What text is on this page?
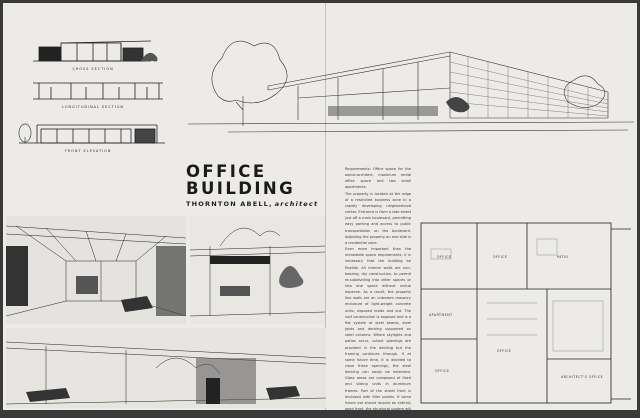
CROSS SECTION
LONGITUDINAL SECTION
FRONT ELEVATION
OFFICE
BUILDING
THORNTON ABELL, architect

Requirements: Office space for the owner-architect, maximum rental office space and two small apartments.

The property is located at the edge of a restricted business zone in a rapidly developing neighborhood center. Entrance is from a side street just off a main boulevard, permitting easy parking and access to public transportation on the boulevard. Adjoining the property on one side is a residential zone.

Even more important than the immediate space requirements, it is necessary that the building be flexible. All interior walls are non-bearing, dry construction, to permit re-subdividing into other spaces or into one space without undue expense. As a result, the property line walls are an unbroken masonry enclosure of light-weight concrete units, exposed inside and out. The roof construction is exposed and is a flat system of steel beams, steel joists and decking supported on steel columns. Where skylights and patios occur, cutout openings are provided in the decking but the framing continues through. If at some future time, it is decided to close these openings, the steel decking can easily be extended. Glass areas are composed of fixed and sliding units in aluminum frames. Part of the street front is enclosed with filler panels. If some future use should require an entirely open front, the structural system will permit it.

OFFICE	OFFICE	PATIO
APARTMENT
OFFICE
OFFICE
ARCHITECT'S OFFICE
